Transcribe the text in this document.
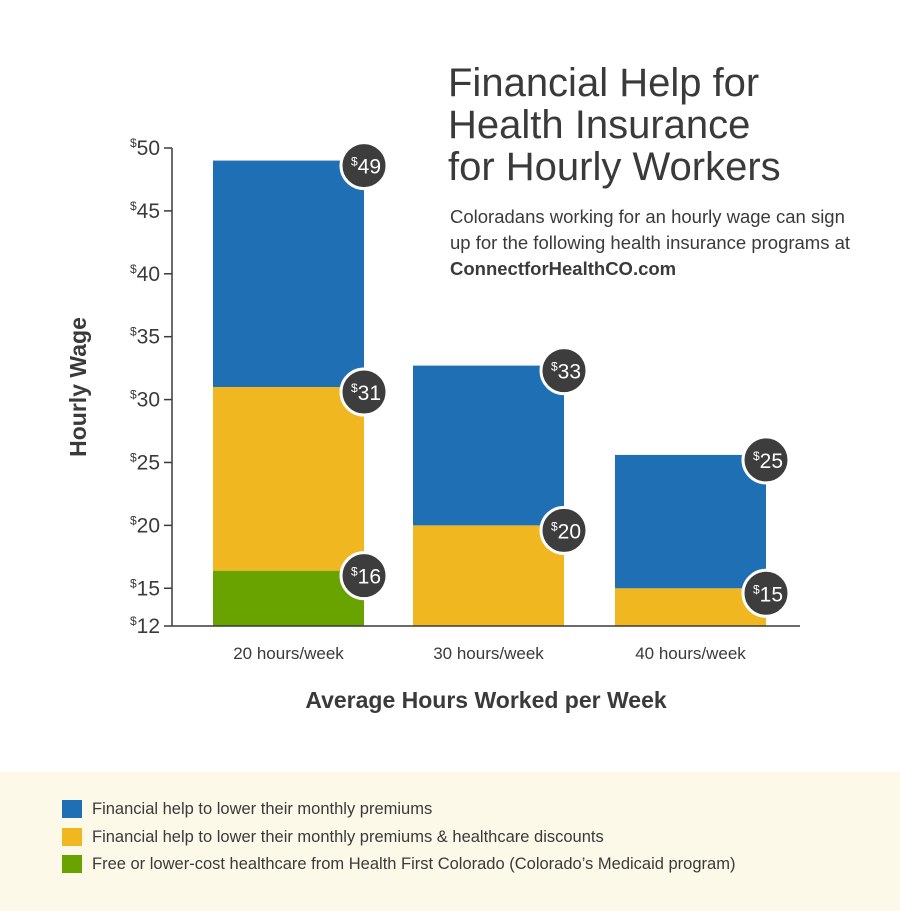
$12
$15
$20
$25
$30
$35
$40
$45
$50
20 hours/week	30 hours/week	40 hours/week
Average Hours Worked per Week
Hourly Wage
$16
$31
$49
$20
$33
$15
$25
Financial Help for
Health Insurance
for Hourly Workers
Coloradans working for an hourly wage can sign up for the following health insurance programs at ConnectforHealthCO.com
Financial help to lower their monthly premiums
Financial help to lower their monthly premiums & healthcare discounts
Free or lower-cost healthcare from Health First Colorado (Colorado’s Medicaid program)
